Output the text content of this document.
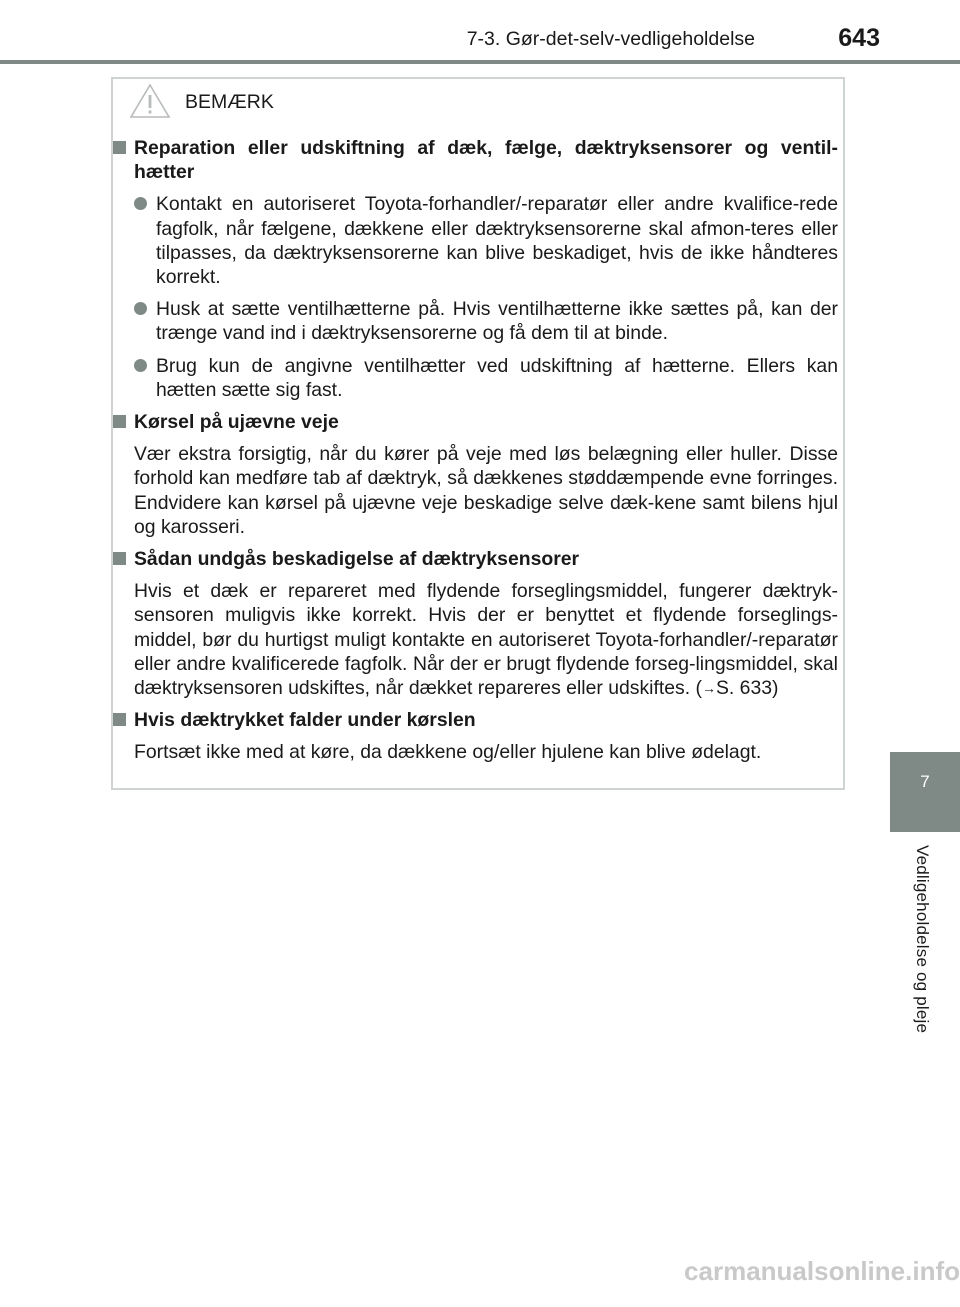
7-3. Gør-det-selv-vedligeholdelse	643
7
Vedligeholdelse og pleje
BEMÆRK
Reparation eller udskiftning af dæk, fælge, dæktryksensorer og ventil-hætter
Kontakt en autoriseret Toyota-forhandler/-reparatør eller andre kvalifice-rede fagfolk, når fælgene, dækkene eller dæktryksensorerne skal afmon-teres eller tilpasses, da dæktryksensorerne kan blive beskadiget, hvis de ikke håndteres korrekt.
Husk at sætte ventilhætterne på. Hvis ventilhætterne ikke sættes på, kan der trænge vand ind i dæktryksensorerne og få dem til at binde.
Brug kun de angivne ventilhætter ved udskiftning af hætterne. Ellers kan hætten sætte sig fast.
Kørsel på ujævne veje
Vær ekstra forsigtig, når du kører på veje med løs belægning eller huller. Disse forhold kan medføre tab af dæktryk, så dækkenes støddæmpende evne forringes. Endvidere kan kørsel på ujævne veje beskadige selve dæk-kene samt bilens hjul og karosseri.
Sådan undgås beskadigelse af dæktryksensorer
Hvis et dæk er repareret med flydende forseglingsmiddel, fungerer dæktryk-sensoren muligvis ikke korrekt. Hvis der er benyttet et flydende forseglings-middel, bør du hurtigst muligt kontakte en autoriseret Toyota-forhandler/-reparatør eller andre kvalificerede fagfolk. Når der er brugt flydende forseg-lingsmiddel, skal dæktryksensoren udskiftes, når dækket repareres eller udskiftes. (→S. 633)
Hvis dæktrykket falder under kørslen
Fortsæt ikke med at køre, da dækkene og/eller hjulene kan blive ødelagt.
carmanualsonline.info
